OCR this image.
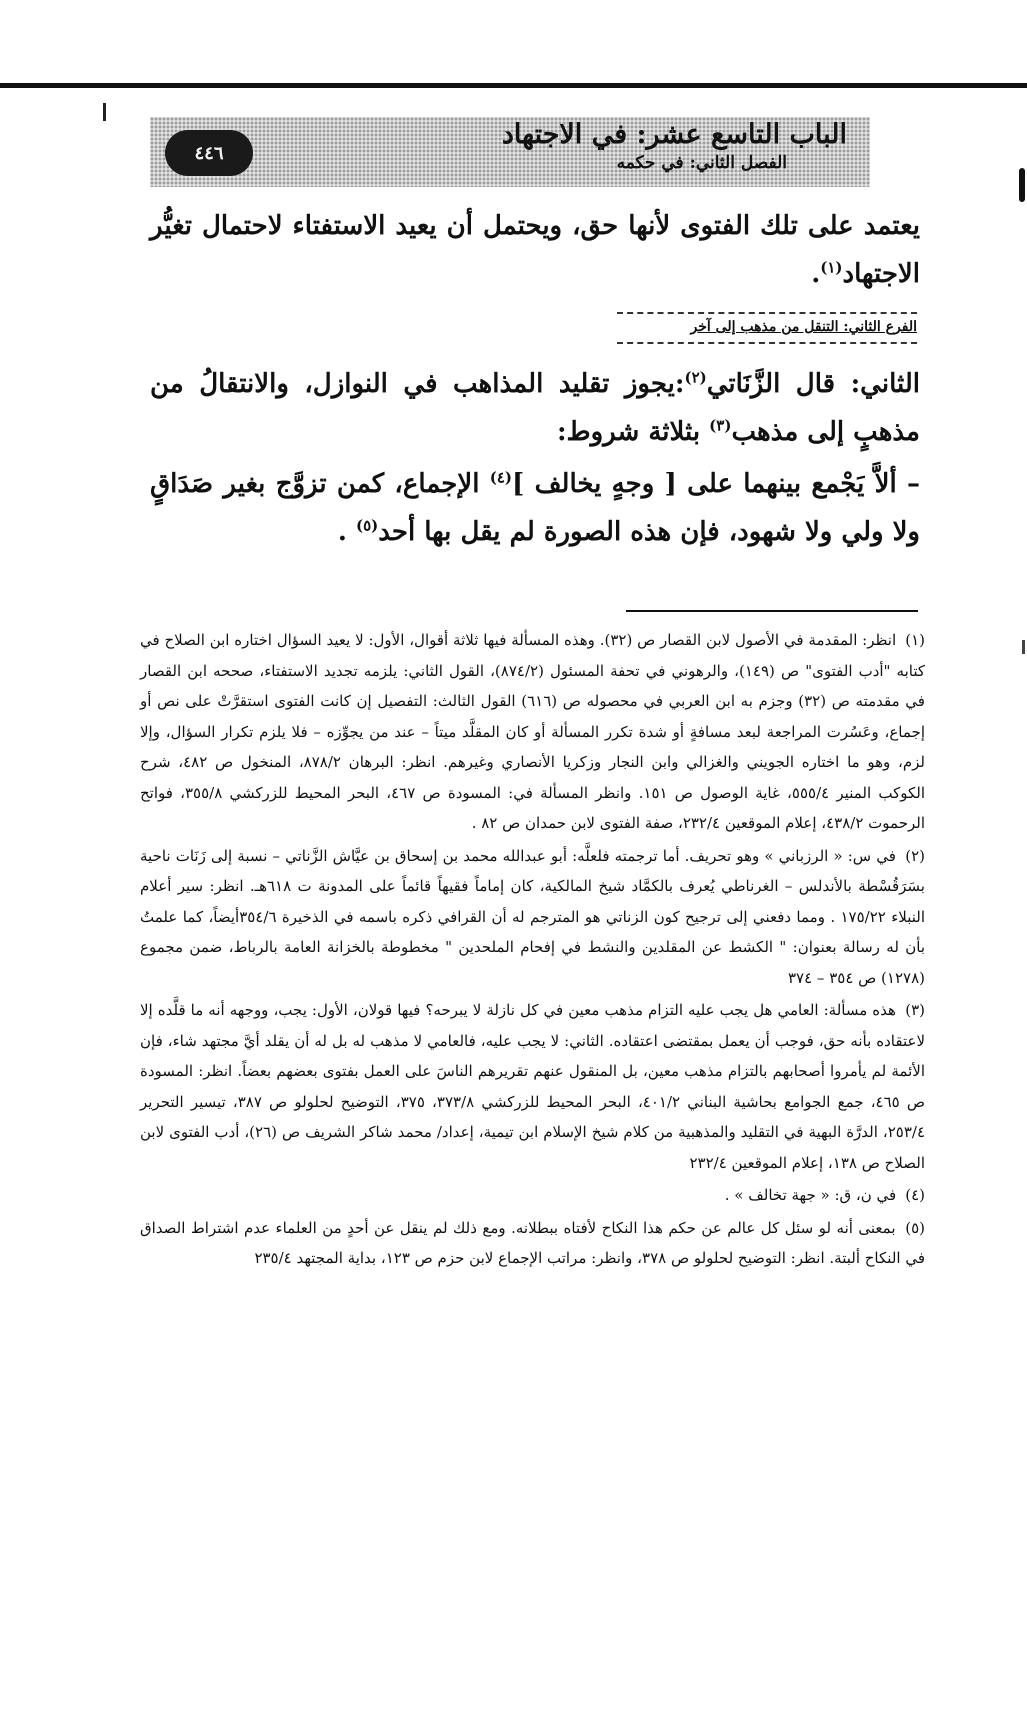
٤٤٦
الباب التاسع عشر: في الاجتهاد
الفصل الثاني: في حكمه
يعتمد على تلك الفتوى لأنها حق، ويحتمل أن يعيد الاستفتاء لاحتمال تغيُّر الاجتهاد$^{(١)}$.
الفرع الثاني: التنقل من مذهب إلى آخر
الثاني: قال الزَّنَاتي$^{(٢)}$:يجوز تقليد المذاهب في النوازل، والانتقالُ من مذهبٍ إلى مذهب$^{(٣)}$ بثلاثة شروط:
– ألاَّ يَجْمع بينهما على [ وجهٍ يخالف ]$^{(٤)}$ الإجماع، كمن تزوَّج بغير صَدَاقٍ ولا ولي ولا شهود، فإن هذه الصورة لم يقل بها أحد$^{(٥)}$ .

(١) انظر: المقدمة في الأصول لابن القصار ص (٣٢). وهذه المسألة فيها ثلاثة أقوال، الأول: لا يعيد السؤال اختاره ابن الصلاح في كتابه "أدب الفتوى" ص (١٤٩)، والرهوني في تحفة المسئول (٨٧٤/٢)، القول الثاني: يلزمه تجديد الاستفتاء، صححه ابن القصار في مقدمته ص (٣٢) وجزم به ابن العربي في محصوله ص (٦١٦) القول الثالث: التفصيل إن كانت الفتوى استقرَّتْ على نص أو إجماع، وعَسُرت المراجعة لبعد مسافةٍ أو شدة تكرر المسألة أو كان المقلَّد ميتاً – عند من يجوِّزه – فلا يلزم تكرار السؤال، وإلا لزم، وهو ما اختاره الجويني والغزالي وابن النجار وزكريا الأنصاري وغيرهم. انظر: البرهان ٨٧٨/٢، المنخول ص ٤٨٢، شرح الكوكب المنير ٥٥٥/٤، غاية الوصول ص ١٥١. وانظر المسألة في: المسودة ص ٤٦٧، البحر المحيط للزركشي ٣٥٥/٨، فواتح الرحموت ٤٣٨/٢، إعلام الموقعين ٢٣٢/٤، صفة الفتوى لابن حمدان ص ٨٢ .

(٢) في س: « الرزباني » وهو تحريف. أما ترجمته فلعلَّه: أبو عبدالله محمد بن إسحاق بن عيَّاش الزَّناتي – نسبة إلى زَنَات ناحية بسَرَقُسْطة بالأندلس – الغرناطي يُعرف بالكمَّاد شيخ المالكية، كان إماماً فقيهاً قائماً على المدونة ت ٦١٨هـ. انظر: سير أعلام النبلاء ١٧٥/٢٢ . ومما دفعني إلى ترجيح كون الزناتي هو المترجم له أن القرافي ذكره باسمه في الذخيرة ٣٥٤/٦أيضاً، كما علمتُ بأن له رسالة بعنوان: " الكشط عن المقلدين والنشط في إفحام الملحدين " مخطوطة بالخزانة العامة بالرباط، ضمن مجموع (١٢٧٨) ص ٣٥٤ – ٣٧٤

(٣) هذه مسألة: العامي هل يجب عليه التزام مذهب معين في كل نازلة لا يبرحه؟ فيها قولان، الأول: يجب، ووجهه أنه ما قلَّده إلا لاعتقاده بأنه حق، فوجب أن يعمل بمقتضى اعتقاده. الثاني: لا يجب عليه، فالعامي لا مذهب له بل له أن يقلد أيَّ مجتهد شاء، فإن الأئمة لم يأمروا أصحابهم بالتزام مذهب معين، بل المنقول عنهم تقريرهم الناسَ على العمل بفتوى بعضهم بعضاً. انظر: المسودة ص ٤٦٥، جمع الجوامع بحاشية البناني ٤٠١/٢، البحر المحيط للزركشي ٣٧٣/٨، ٣٧٥، التوضيح لحلولو ص ٣٨٧، تيسير التحرير ٢٥٣/٤، الدرَّة البهية في التقليد والمذهبية من كلام شيخ الإسلام ابن تيمية، إعداد/ محمد شاكر الشريف ص (٢٦)، أدب الفتوى لابن الصلاح ص ١٣٨، إعلام الموقعين ٢٣٢/٤

(٤) في ن، ق: « جهة تخالف » .

(٥) بمعنى أنه لو سئل كل عالم عن حكم هذا النكاح لأفتاه ببطلانه. ومع ذلك لم ينقل عن أحدٍ من العلماء عدم اشتراط الصداق في النكاح ألبتة. انظر: التوضيح لحلولو ص ٣٧٨، وانظر: مراتب الإجماع لابن حزم ص ١٢٣، بداية المجتهد ٢٣٥/٤
